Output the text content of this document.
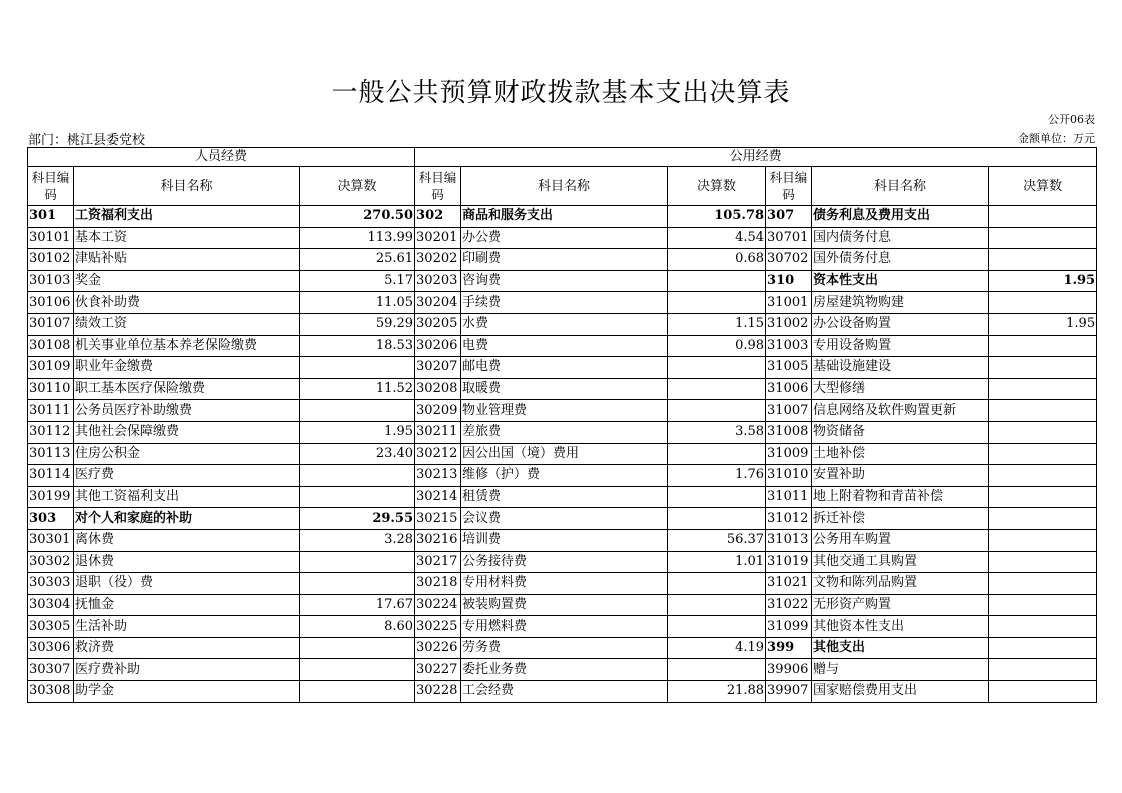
一般公共预算财政拨款基本支出决算表
公开06表
部门：桃江县委党校	金额单位：万元
人员经费			公用经费					
科目编码	科目名称	决算数	科目编码	科目名称	决算数	科目编码	科目名称	决算数
301	工资福利支出	270.50	302	商品和服务支出	105.78	307	债务利息及费用支出	
30101	基本工资	113.99	30201	办公费	4.54	30701	国内债务付息	
30102	津贴补贴	25.61	30202	印刷费	0.68	30702	国外债务付息	
30103	奖金	5.17	30203	咨询费		310	资本性支出	1.95
30106	伙食补助费	11.05	30204	手续费		31001	房屋建筑物购建	
30107	绩效工资	59.29	30205	水费	1.15	31002	办公设备购置	1.95
30108	机关事业单位基本养老保险缴费	18.53	30206	电费	0.98	31003	专用设备购置	
30109	职业年金缴费		30207	邮电费		31005	基础设施建设	
30110	职工基本医疗保险缴费	11.52	30208	取暖费		31006	大型修缮	
30111	公务员医疗补助缴费		30209	物业管理费		31007	信息网络及软件购置更新	
30112	其他社会保障缴费	1.95	30211	差旅费	3.58	31008	物资储备	
30113	住房公积金	23.40	30212	因公出国（境）费用		31009	土地补偿	
30114	医疗费		30213	维修（护）费	1.76	31010	安置补助	
30199	其他工资福利支出		30214	租赁费		31011	地上附着物和青苗补偿	
303	对个人和家庭的补助	29.55	30215	会议费		31012	拆迁补偿	
30301	离休费	3.28	30216	培训费	56.37	31013	公务用车购置	
30302	退休费		30217	公务接待费	1.01	31019	其他交通工具购置	
30303	退职（役）费		30218	专用材料费		31021	文物和陈列品购置	
30304	抚恤金	17.67	30224	被装购置费		31022	无形资产购置	
30305	生活补助	8.60	30225	专用燃料费		31099	其他资本性支出	
30306	救济费		30226	劳务费	4.19	399	其他支出	
30307	医疗费补助		30227	委托业务费		39906	赠与	
30308	助学金		30228	工会经费	21.88	39907	国家赔偿费用支出	
